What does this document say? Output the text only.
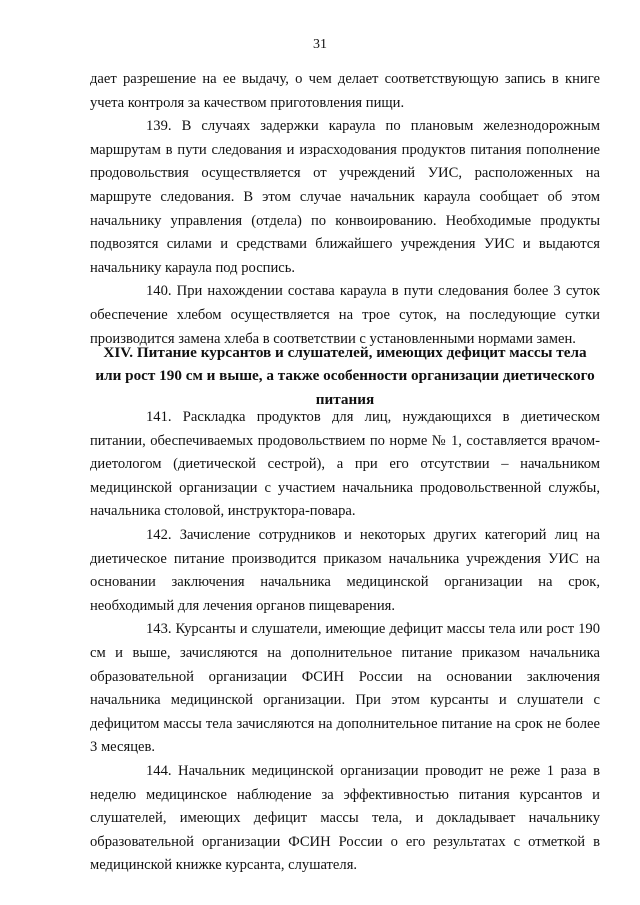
31

дает разрешение на ее выдачу, о чем делает соответствующую запись в книге учета контроля за качеством приготовления пищи.

139. В случаях задержки караула по плановым железнодорожным маршрутам в пути следования и израсходования продуктов питания пополнение продовольствия осуществляется от учреждений УИС, расположенных на маршруте следования. В этом случае начальник караула сообщает об этом начальнику управления (отдела) по конвоированию. Необходимые продукты подвозятся силами и средствами ближайшего учреждения УИС и выдаются начальнику караула под роспись.

140. При нахождении состава караула в пути следования более 3 суток обеспечение хлебом осуществляется на трое суток, на последующие сутки производится замена хлеба в соответствии с установленными нормами замен.

XIV. Питание курсантов и слушателей, имеющих дефицит массы тела или рост 190 см и выше, а также особенности организации диетического питания

141. Раскладка продуктов для лиц, нуждающихся в диетическом питании, обеспечиваемых продовольствием по норме № 1, составляется врачом-диетологом (диетической сестрой), а при его отсутствии – начальником медицинской организации с участием начальника продовольственной службы, начальника столовой, инструктора-повара.

142. Зачисление сотрудников и некоторых других категорий лиц на диетическое питание производится приказом начальника учреждения УИС на основании заключения начальника медицинской организации на срок, необходимый для лечения органов пищеварения.

143. Курсанты и слушатели, имеющие дефицит массы тела или рост 190 см и выше, зачисляются на дополнительное питание приказом начальника образовательной организации ФСИН России на основании заключения начальника медицинской организации. При этом курсанты и слушатели с дефицитом массы тела зачисляются на дополнительное питание на срок не более 3 месяцев.

144. Начальник медицинской организации проводит не реже 1 раза в неделю медицинское наблюдение за эффективностью питания курсантов и слушателей, имеющих дефицит массы тела, и докладывает начальнику образовательной организации ФСИН России о его результатах с отметкой в медицинской книжке курсанта, слушателя.
